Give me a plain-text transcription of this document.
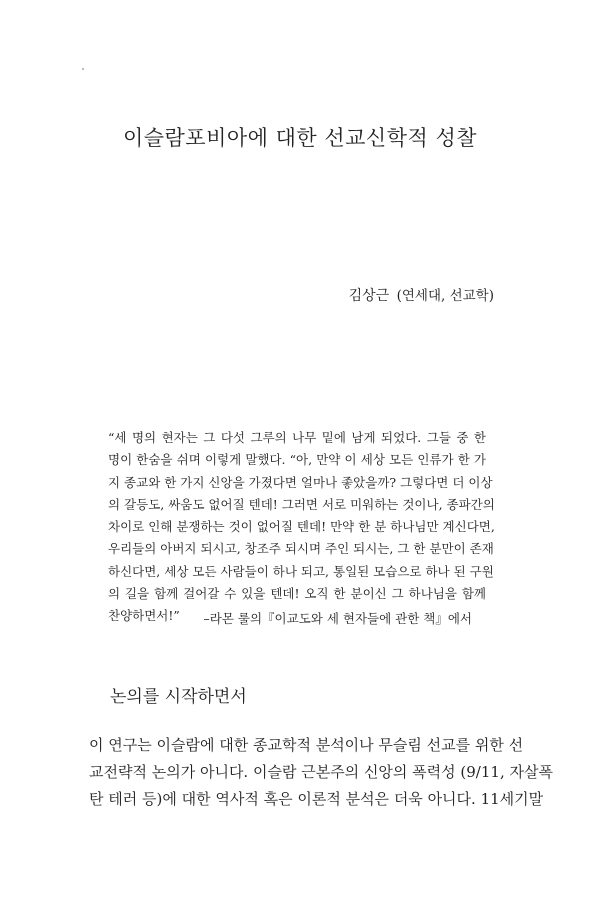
이슬람포비아에 대한 선교신학적 성찰
김상근 (연세대, 선교학)
“세 명의 현자는 그 다섯 그루의 나무 밑에 남게 되었다. 그들 중 한
명이 한숨을 쉬며 이렇게 말했다. “아, 만약 이 세상 모든 인류가 한 가
지 종교와 한 가지 신앙을 가졌다면 얼마나 좋았을까? 그렇다면 더 이상
의 갈등도, 싸움도 없어질 텐데! 그러면 서로 미워하는 것이나, 종파간의
차이로 인해 분쟁하는 것이 없어질 텐데! 만약 한 분 하나님만 계신다면,
우리들의 아버지 되시고, 창조주 되시며 주인 되시는, 그 한 분만이 존재
하신다면, 세상 모든 사람들이 하나 되고, 통일된 모습으로 하나 된 구원
의 길을 함께 걸어갈 수 있을 텐데! 오직 한 분이신 그 하나님을 함께
찬양하면서!”	–라몬 룰의『이교도와 세 현자들에 관한 책』에서
논의를 시작하면서
이 연구는 이슬람에 대한 종교학적 분석이나 무슬림 선교를 위한 선
교전략적 논의가 아니다. 이슬람 근본주의 신앙의 폭력성 (9/11, 자살폭
탄 테러 등)에 대한 역사적 혹은 이론적 분석은 더욱 아니다. 11세기말
